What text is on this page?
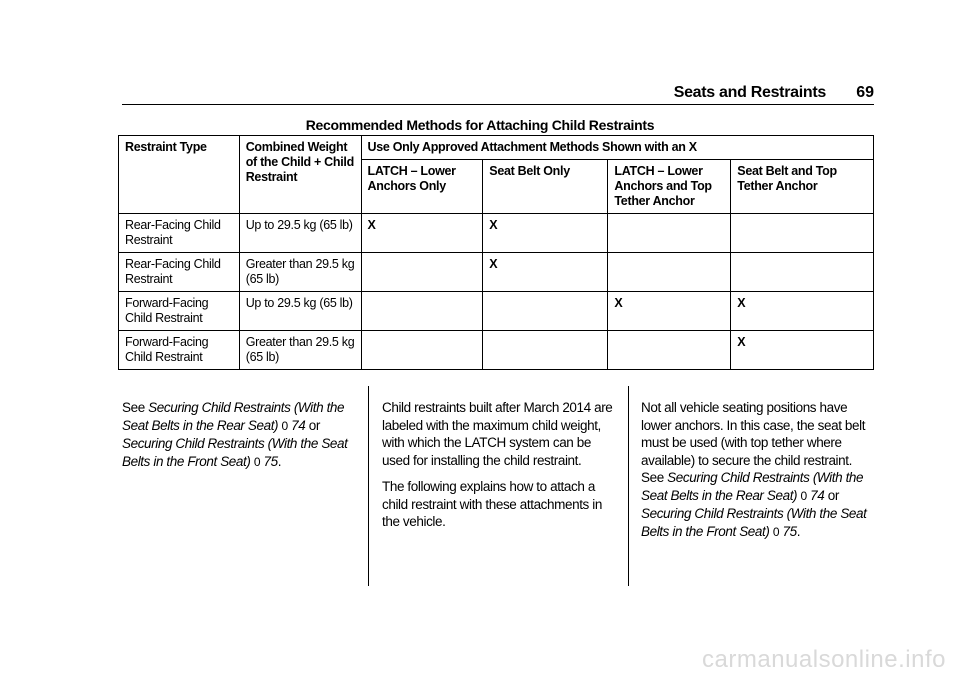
Seats and Restraints 69
Recommended Methods for Attaching Child Restraints
Restraint Type	Combined Weight of the Child + Child Restraint	Use Only Approved Attachment Methods Shown with an X			
		LATCH – Lower Anchors Only	Seat Belt Only	LATCH – Lower Anchors and Top Tether Anchor	Seat Belt and Top Tether Anchor
Rear-Facing Child Restraint	Up to 29.5 kg (65 lb)	X	X		
Rear-Facing Child Restraint	Greater than 29.5 kg (65 lb)		X		
Forward-Facing Child Restraint	Up to 29.5 kg (65 lb)			X	X
Forward-Facing Child Restraint	Greater than 29.5 kg (65 lb)				X

See Securing Child Restraints (With the Seat Belts in the Rear Seat) 0 74 or
Securing Child Restraints (With the Seat Belts in the Front Seat) 0 75.

Child restraints built after March 2014 are labeled with the maximum child weight, with which the LATCH system can be used for installing the child restraint.

The following explains how to attach a child restraint with these attachments in the vehicle.

Not all vehicle seating positions have lower anchors. In this case, the seat belt must be used (with top tether where available) to secure the child restraint. See Securing Child Restraints (With the Seat Belts in the Rear Seat) 0 74 or
Securing Child Restraints (With the Seat Belts in the Front Seat) 0 75.

carmanualsonline.info
